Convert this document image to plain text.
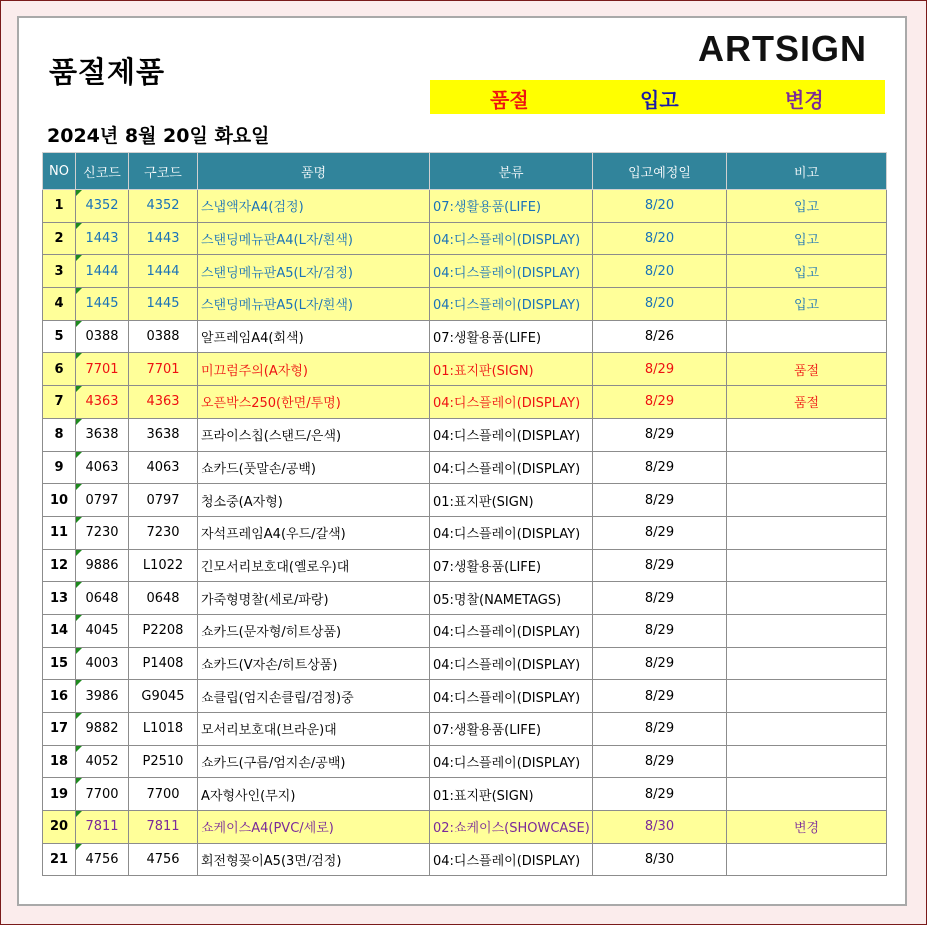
품절제품
ARTSIGN
품절	입고	변경
2024년 8월 20일 화요일
NO	신코드	구코드	품명	분류	입고예정일	비고
1	4352	4352	스냅액자A4(검정)	07:생활용품(LIFE)	8/20	입고
2	1443	1443	스탠딩메뉴판A4(L자/흰색)	04:디스플레이(DISPLAY)	8/20	입고
3	1444	1444	스탠딩메뉴판A5(L자/검정)	04:디스플레이(DISPLAY)	8/20	입고
4	1445	1445	스탠딩메뉴판A5(L자/흰색)	04:디스플레이(DISPLAY)	8/20	입고
5	0388	0388	알프레임A4(회색)	07:생활용품(LIFE)	8/26	
6	7701	7701	미끄럼주의(A자형)	01:표지판(SIGN)	8/29	품절
7	4363	4363	오픈박스250(한면/투명)	04:디스플레이(DISPLAY)	8/29	품절
8	3638	3638	프라이스칩(스탠드/은색)	04:디스플레이(DISPLAY)	8/29	
9	4063	4063	쇼카드(풋말손/공백)	04:디스플레이(DISPLAY)	8/29	
10	0797	0797	청소중(A자형)	01:표지판(SIGN)	8/29	
11	7230	7230	자석프레임A4(우드/갈색)	04:디스플레이(DISPLAY)	8/29	
12	9886	L1022	긴모서리보호대(옐로우)대	07:생활용품(LIFE)	8/29	
13	0648	0648	가죽형명찰(세로/파랑)	05:명찰(NAMETAGS)	8/29	
14	4045	P2208	쇼카드(문자형/히트상품)	04:디스플레이(DISPLAY)	8/29	
15	4003	P1408	쇼카드(V자손/히트상품)	04:디스플레이(DISPLAY)	8/29	
16	3986	G9045	쇼클립(엄지손클립/검정)중	04:디스플레이(DISPLAY)	8/29	
17	9882	L1018	모서리보호대(브라운)대	07:생활용품(LIFE)	8/29	
18	4052	P2510	쇼카드(구름/엄지손/공백)	04:디스플레이(DISPLAY)	8/29	
19	7700	7700	A자형사인(무지)	01:표지판(SIGN)	8/29	
20	7811	7811	쇼케이스A4(PVC/세로)	02:쇼케이스(SHOWCASE)	8/30	변경
21	4756	4756	회전형꽂이A5(3면/검정)	04:디스플레이(DISPLAY)	8/30	
